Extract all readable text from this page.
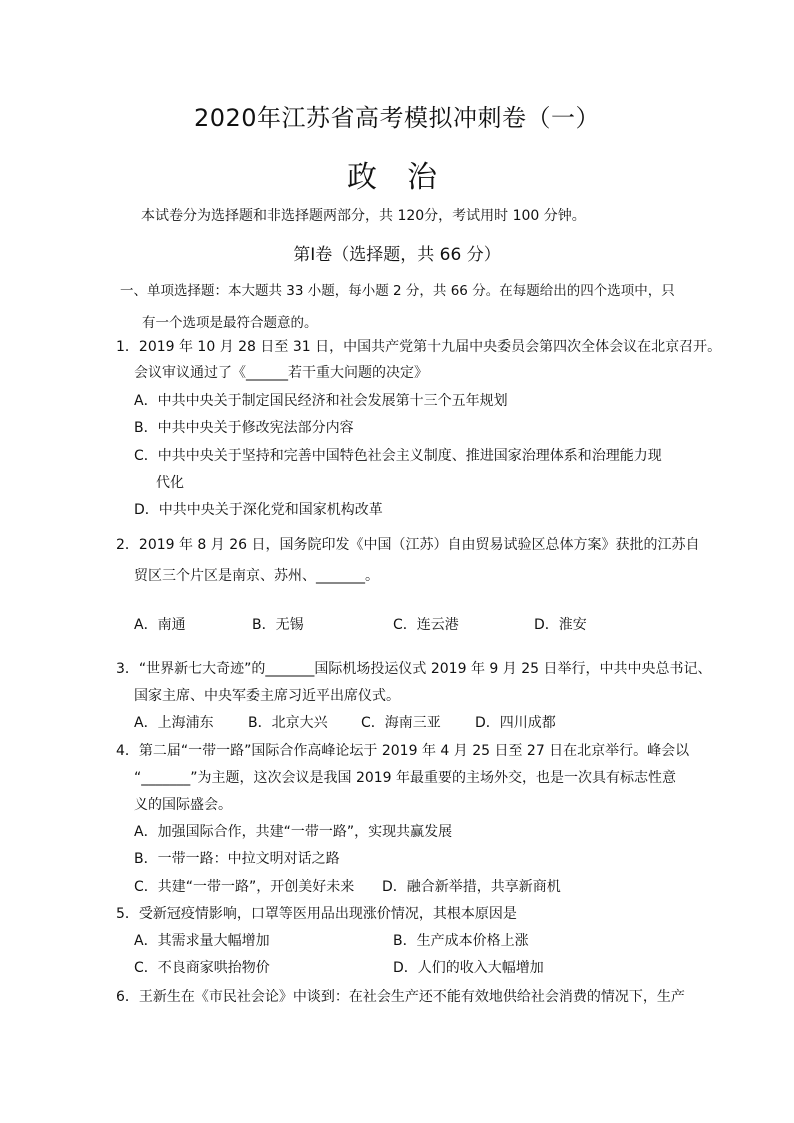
2020年江苏省高考模拟冲刺卷（一）
政治
本试卷分为选择题和非选择题两部分，共 120分，考试用时 100 分钟。
第Ⅰ卷（选择题，共 66 分）
一、单项选择题：本大题共 33 小题，每小题 2 分，共 66 分。在每题给出的四个选项中，只
有一个选项是最符合题意的。
1．2019 年 10 月 28 日至 31 日，中国共产党第十九届中央委员会第四次全体会议在北京召开。
会议审议通过了《______若干重大问题的决定》
A．中共中央关于制定国民经济和社会发展第十三个五年规划
B．中共中央关于修改宪法部分内容
C．中共中央关于坚持和完善中国特色社会主义制度、推进国家治理体系和治理能力现
代化
D．中共中央关于深化党和国家机构改革
2．2019 年 8 月 26 日，国务院印发《中国（江苏）自由贸易试验区总体方案》获批的江苏自
贸区三个片区是南京、苏州、_______。
A．南通	B．无锡	C．连云港	D．淮安
3．“世界新七大奇迹”的_______国际机场投运仪式 2019 年 9 月 25 日举行，中共中央总书记、
国家主席、中央军委主席习近平出席仪式。
A．上海浦东 B．北京大兴 C．海南三亚 D．四川成都
4．第二届“一带一路”国际合作高峰论坛于 2019 年 4 月 25 日至 27 日在北京举行。峰会以
“_______”为主题，这次会议是我国 2019 年最重要的主场外交，也是一次具有标志性意
义的国际盛会。
A．加强国际合作，共建“一带一路”，实现共赢发展
B．一带一路：中拉文明对话之路
C．共建“一带一路”，开创美好未来 D．融合新举措，共享新商机
5．受新冠疫情影响，口罩等医用品出现涨价情况，其根本原因是
A．其需求量大幅增加	B．生产成本价格上涨
C．不良商家哄抬物价	D．人们的收入大幅增加
6．王新生在《市民社会论》中谈到：在社会生产还不能有效地供给社会消费的情况下，生产
